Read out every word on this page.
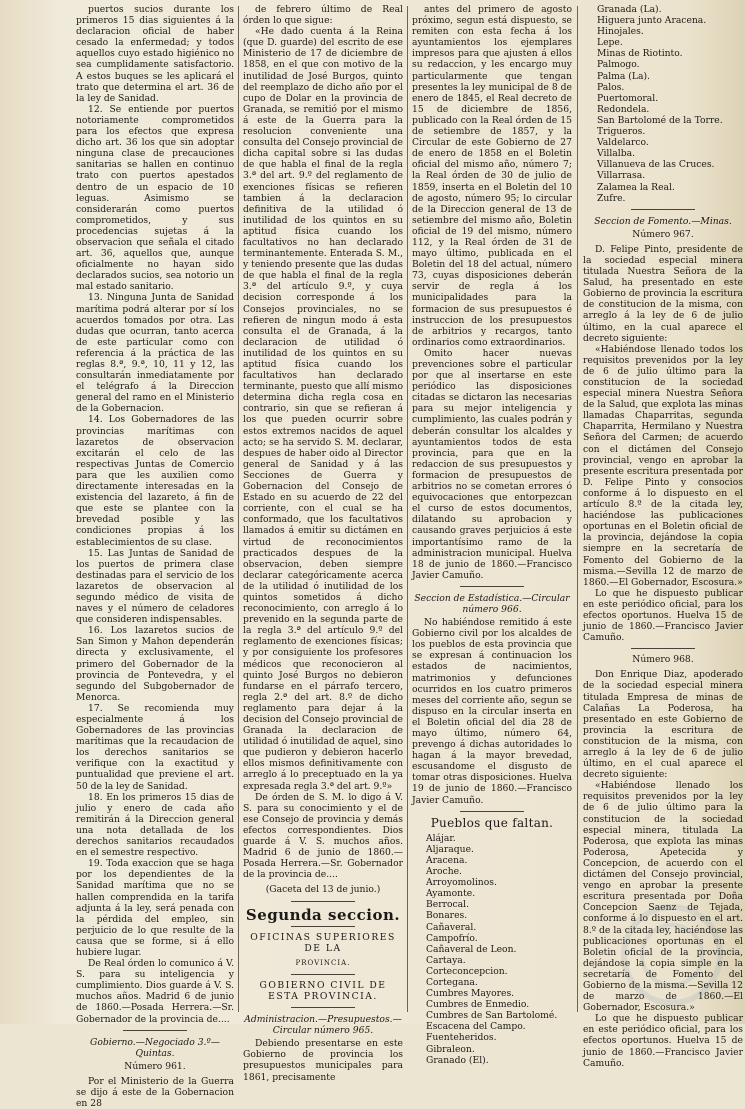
puertos sucios durante los primeros 15 dias siguientes á la declaracion oficial de haber cesado la enfermedad; y todos aquellos cuyo estado higiénico no sea cumplidamente satisfactorio. A estos buques se les aplicará el trato que determina el art. 36 de la ley de Sanidad.

12. Se entiende por puertos notoriamente comprometidos para los efectos que expresa dicho art. 36 los que sin adoptar ninguna clase de precauciones sanitarias se hallen en continuo trato con puertos apestados dentro de un espacio de 10 leguas. Asimismo se considerarán como puertos comprometidos, y sus procedencias sujetas á la observacion que señala el citado art. 36, aquellos que, aunque oficialmente no hayan sido declarados sucios, sea notorio un mal estado sanitario.

13. Ninguna Junta de Sanidad marítima podrá alterar por sí los acuerdos tomados por otra. Las dudas que ocurran, tanto acerca de este particular como con referencia á la práctica de las reglas 8.ª, 9.ª, 10, 11 y 12, las consultarán inmediatamente por el telégrafo á la Direccion general del ramo en el Ministerio de la Gobernacion.

14. Los Gobernadores de las provincias marítimas con lazaretos de observacion excitarán el celo de las respectivas Juntas de Comercio para que les auxilien como directamente interesadas en la existencia del lazareto, á fin de que este se plantee con la brevedad posible y las condiciones propias á los establecimientos de su clase.

15. Las Juntas de Sanidad de los puertos de primera clase destinadas para el servicio de los lazaretos de observacion al segundo médico de visita de naves y el número de celadores que consideren indispensables.

16. Los lazaretos sucios de San Simon y Mahon dependerán directa y exclusivamente, el primero del Gobernador de la provincia de Pontevedra, y el segundo del Subgobernador de Menorca.

17. Se recomienda muy especialmente á los Gobernadores de las provincias marítimas que la recaudacion de los derechos sanitarios se verifique con la exactitud y puntualidad que previene el art. 50 de la ley de Sanidad.

18. En los primeros 15 dias de julio y enero de cada año remitirán á la Direccion general una nota detallada de los derechos sanitarios recaudados en el semestre respectivo.

19. Toda exaccion que se haga por los dependientes de la Sanidad marítima que no se hallen comprendida en la tarifa adjunta á la ley, será penada con la pérdida del empleo, sin perjuicio de lo que resulte de la causa que se forme, si á ello hubiere lugar.

De Real órden lo comunico á V. S. para su inteligencia y cumplimiento. Dios guarde á V. S. muchos años. Madrid 6 de junio de 1860.—Posada Herrera.—Sr. Gobernador de la provincia de....

Gobierno.—Negociado 3.º—Quintas.
Número 961.

Por el Ministerio de la Guerra se dijo á este de la Gobernacion en 28

de febrero último de Real órden lo que sigue:

«He dado cuenta á la Reina (que D. guarde) del escrito de ese Ministerio de 17 de diciembre de 1858, en el que con motivo de la inutilidad de José Burgos, quinto del reemplazo de dicho año por el cupo de Dolar en la provincia de Granada, se remitió por el mismo á este de la Guerra para la resolucion conveniente una consulta del Consejo provincial de dicha capital sobre si las dudas de que habla el final de la regla 3.ª del art. 9.º del reglamento de exenciones físicas se refieren tambien á la declaracion definitiva de la utilidad ó inutilidad de los quintos en su aptitud física cuando los facultativos no han declarado terminantemente. Enterada S. M., y teniendo presente que las dudas de que habla el final de la regla 3.ª del artículo 9.º, y cuya decision corresponde á los Consejos provinciales, no se refieren de ningun modo á esta consulta el de Granada, á la declaracion de utilidad ó inutilidad de los quintos en su aptitud física cuando los facultativos han declarado terminante, puesto que allí mismo determina dicha regla cosa en contrario, sin que se refieran á los que pueden ocurrir sobre estos extremos nacidos de aquel acto; se ha servido S. M. declarar, despues de haber oido al Director general de Sanidad y á las Secciones de Guerra y Gobernacion del Consejo de Estado en su acuerdo de 22 del corriente, con el cual se ha conformado, que los facultativos llamados á emitir su dictámen en virtud de reconocimientos practicados despues de la observacion, deben siempre declarar categóricamente acerca de la utilidad ó inutilidad de los quintos sometidos á dicho reconocimiento, con arreglo á lo prevenido en la segunda parte de la regla 3.ª del artículo 9.º del reglamento de exenciones físicas; y por consiguiente los profesores médicos que reconocieron al quinto José Burgos no debieron fundarse en el párrafo tercero, regla 2.ª del art. 8.º de dicho reglamento para dejar á la decision del Consejo provincial de Granada la declaracion de utilidad ó inutilidad de aquel, sino que pudieron y debieron hacerlo ellos mismos definitivamente con arreglo á lo preceptuado en la ya expresada regla 3.ª del art. 9.º»

De órden de S. M. lo digo á V. S. para su conocimiento y el de ese Consejo de provincia y demás efectos correspondientes. Dios guarde á V. S. muchos años. Madrid 6 de junio de 1860.—Posada Herrera.—Sr. Gobernador de la provincia de....

(Gaceta del 13 de junio.)
Segunda seccion.
OFICINAS SUPERIORES DE LA
PROVINCIA.
GOBIERNO CIVIL DE ESTA PROVINCIA.
Administracion.—Presupuestos.—Circular número 965.

Debiendo presentarse en este Gobierno de provincia los presupuestos municipales para 1861, precisamente

antes del primero de agosto próximo, segun está dispuesto, se remiten con esta fecha á los ayuntamientos los ejemplares impresos para que ajusten á ellos su redaccion, y les encargo muy particularmente que tengan presentes la ley municipal de 8 de enero de 1845, el Real decreto de 15 de diciembre de 1856, publicado con la Real órden de 15 de setiembre de 1857, y la Circular de este Gobierno de 27 de enero de 1858 en el Boletin oficial del mismo año, número 7; la Real órden de 30 de julio de 1859, inserta en el Boletin del 10 de agosto, número 95; lo circular de la Direccion general de 13 de setiembre del mismo año, Boletin oficial de 19 del mismo, número 112, y la Real órden de 31 de mayo último, publicada en el Boletin del 18 del actual, número 73, cuyas disposiciones deberán servir de regla á los municipalidades para la formacion de sus presupuestos é instruccion de los presupuestos de arbitrios y recargos, tanto ordinarios como extraordinarios.

Omito hacer nuevas prevenciones sobre el particular por que al insertarse en este periódico las disposiciones citadas se dictaron las necesarias para su mejor inteligencia y cumplimiento, las cuales podrán y deberán consultar los alcaldes y ayuntamientos todos de esta provincia, para que en la redaccion de sus presupuestos y formacion de presupuestos de arbitrios no se cometan errores ó equivocaciones que entorpezcan el curso de estos documentos, dilatando su aprobacion y causando graves perjuicios á este importantísimo ramo de la administracion municipal. Huelva 18 de junio de 1860.—Francisco Javier Camuño.

Seccion de Estadística.—Circular número 966.

No habiéndose remitido á este Gobierno civil por los alcaldes de los pueblos de esta provincia que se expresan á continuacion los estados de nacimientos, matrimonios y defunciones ocurridos en los cuatro primeros meses del corriente año, segun se dispuso en la circular inserta en el Boletin oficial del dia 28 de mayo último, número 64, prevengo á dichas autoridades lo hagan á la mayor brevedad, escusandome el disgusto de tomar otras disposiciones. Huelva 19 de junio de 1860.—Francisco Javier Camuño.

Pueblos que faltan.
Alájar.
Aljaraque.
Aracena.
Aroche.
Arroyomolinos.
Ayamonte.
Berrocal.
Bonares.
Cañaveral.
Campofrío.
Cañaveral de Leon.
Cartaya.
Corteconcepcion.
Cortegana.
Cumbres Mayores.
Cumbres de Enmedio.
Cumbres de San Bartolomé.
Escacena del Campo.
Fuenteheridos.
Gibraleon.
Granado (El).
Granada (La).
Higuera junto Aracena.
Hinojales.
Lepe.
Minas de Riotinto.
Palmogo.
Palma (La).
Palos.
Puertomoral.
Redondela.
San Bartolomé de la Torre.
Trigueros.
Valdelarco.
Villalba.
Villanueva de las Cruces.
Villarrasa.
Zalamea la Real.
Zufre.
Seccion de Fomento.—Minas.
Número 967.

D. Felipe Pinto, presidente de la sociedad especial minera titulada Nuestra Señora de la Salud, ha presentado en este Gobierno de provincia la escritura de constitucion de la misma, con arreglo á la ley de 6 de julio último, en la cual aparece el decreto siguiente:

«Habiéndose llenado todos los requisitos prevenidos por la ley de 6 de julio último para la constitucion de la sociedad especial minera Nuestra Señora de la Salud, que explota las minas llamadas Chaparritas, segunda Chaparrita, Hermilano y Nuestra Señora del Carmen; de acuerdo con el dictámen del Consejo provincial, vengo en aprobar la presente escritura presentada por D. Felipe Pinto y consocios conforme á lo dispuesto en el artículo 8.º de la citada ley, haciéndose las publicaciones oportunas en el Boletin oficial de la provincia, dejándose la copia siempre en la secretaría de Fomento del Gobierno de la misma.—Sevilla 12 de marzo de 1860.—El Gobernador, Escosura.»

Lo que he dispuesto publicar en este periódico oficial, para los efectos oportunos. Huelva 15 de junio de 1860.—Francisco Javier Camuño.

Número 968.

Don Enrique Diaz, apoderado de la sociedad especial minera titulada Empresa de minas de Calañas La Poderosa, ha presentado en este Gobierno de provincia la escritura de constitucion de la misma, con arreglo á la ley de 6 de julio último, en el cual aparece el decreto siguiente:

«Habiéndose llenado los requisitos prevenidos por la ley de 6 de julio último para la constitucion de la sociedad especial minera, titulada La Poderosa, que explota las minas Poderosa, Apetecida y Concepcion, de acuerdo con el dictámen del Consejo provincial, vengo en aprobar la presente escritura presentada por Doña Concepcion Saenz de Tejada, conforme á lo dispuesto en el art. 8.º de la citada ley, haciéndose las publicaciones oportunas en el Boletin oficial de la provincia, dejándose la copia simple en la secretaría de Fomento del Gobierno de la misma.—Sevilla 12 de marzo de 1860.—El Gobernador, Escosura.»

Lo que he dispuesto publicar en este periódico oficial, para los efectos oportunos. Huelva 15 de junio de 1860.—Francisco Javier Camuño.
